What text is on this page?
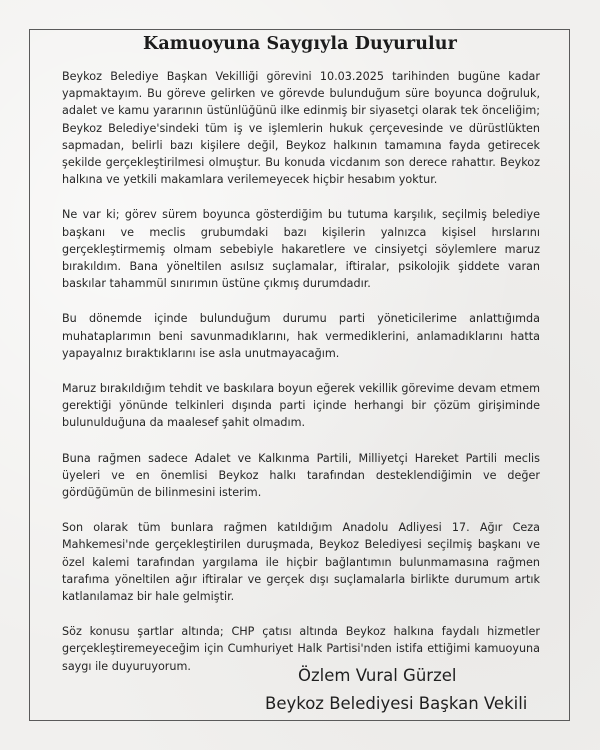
Kamuoyuna Saygıyla Duyurulur

Beykoz Belediye Başkan Vekilliği görevini 10.03.2025 tarihinden bugüne kadar yapmaktayım. Bu göreve gelirken ve görevde bulunduğum süre boyunca doğruluk, adalet ve kamu yararının üstünlüğünü ilke edinmiş bir siyasetçi olarak tek önceliğim; Beykoz Belediye'sindeki tüm iş ve işlemlerin hukuk çerçevesinde ve dürüstlükten sapmadan, belirli bazı kişilere değil, Beykoz halkının tamamına fayda getirecek şekilde gerçekleştirilmesi olmuştur. Bu konuda vicdanım son derece rahattır. Beykoz halkına ve yetkili makamlara verilemeyecek hiçbir hesabım yoktur.

Ne var ki; görev sürem boyunca gösterdiğim bu tutuma karşılık, seçilmiş belediye başkanı ve meclis grubumdaki bazı kişilerin yalnızca kişisel hırslarını gerçekleştirmemiş olmam sebebiyle hakaretlere ve cinsiyetçi söylemlere maruz bırakıldım. Bana yöneltilen asılsız suçlamalar, iftiralar, psikolojik şiddete varan baskılar tahammül sınırımın üstüne çıkmış durumdadır.

Bu dönemde içinde bulunduğum durumu parti yöneticilerime anlattığımda muhataplarımın beni savunmadıklarını, hak vermediklerini, anlamadıklarını hatta yapayalnız bıraktıklarını ise asla unutmayacağım.

Maruz bırakıldığım tehdit ve baskılara boyun eğerek vekillik görevime devam etmem gerektiği yönünde telkinleri dışında parti içinde herhangi bir çözüm girişiminde bulunulduğuna da maalesef şahit olmadım.

Buna rağmen sadece Adalet ve Kalkınma Partili, Milliyetçi Hareket Partili meclis üyeleri ve en önemlisi Beykoz halkı tarafından desteklendiğimin ve değer gördüğümün de bilinmesini isterim.

Son olarak tüm bunlara rağmen katıldığım Anadolu Adliyesi 17. Ağır Ceza Mahkemesi'nde gerçekleştirilen duruşmada, Beykoz Belediyesi seçilmiş başkanı ve özel kalemi tarafından yargılama ile hiçbir bağlantımın bulunmamasına rağmen tarafıma yöneltilen ağır iftiralar ve gerçek dışı suçlamalarla birlikte durumum artık katlanılamaz bir hale gelmiştir.

Söz konusu şartlar altında; CHP çatısı altında Beykoz halkına faydalı hizmetler gerçekleştiremeyeceğim için Cumhuriyet Halk Partisi'nden istifa ettiğimi kamuoyuna saygı ile duyuruyorum.	Özlem Vural Gürzel
Beykoz Belediyesi Başkan Vekili
